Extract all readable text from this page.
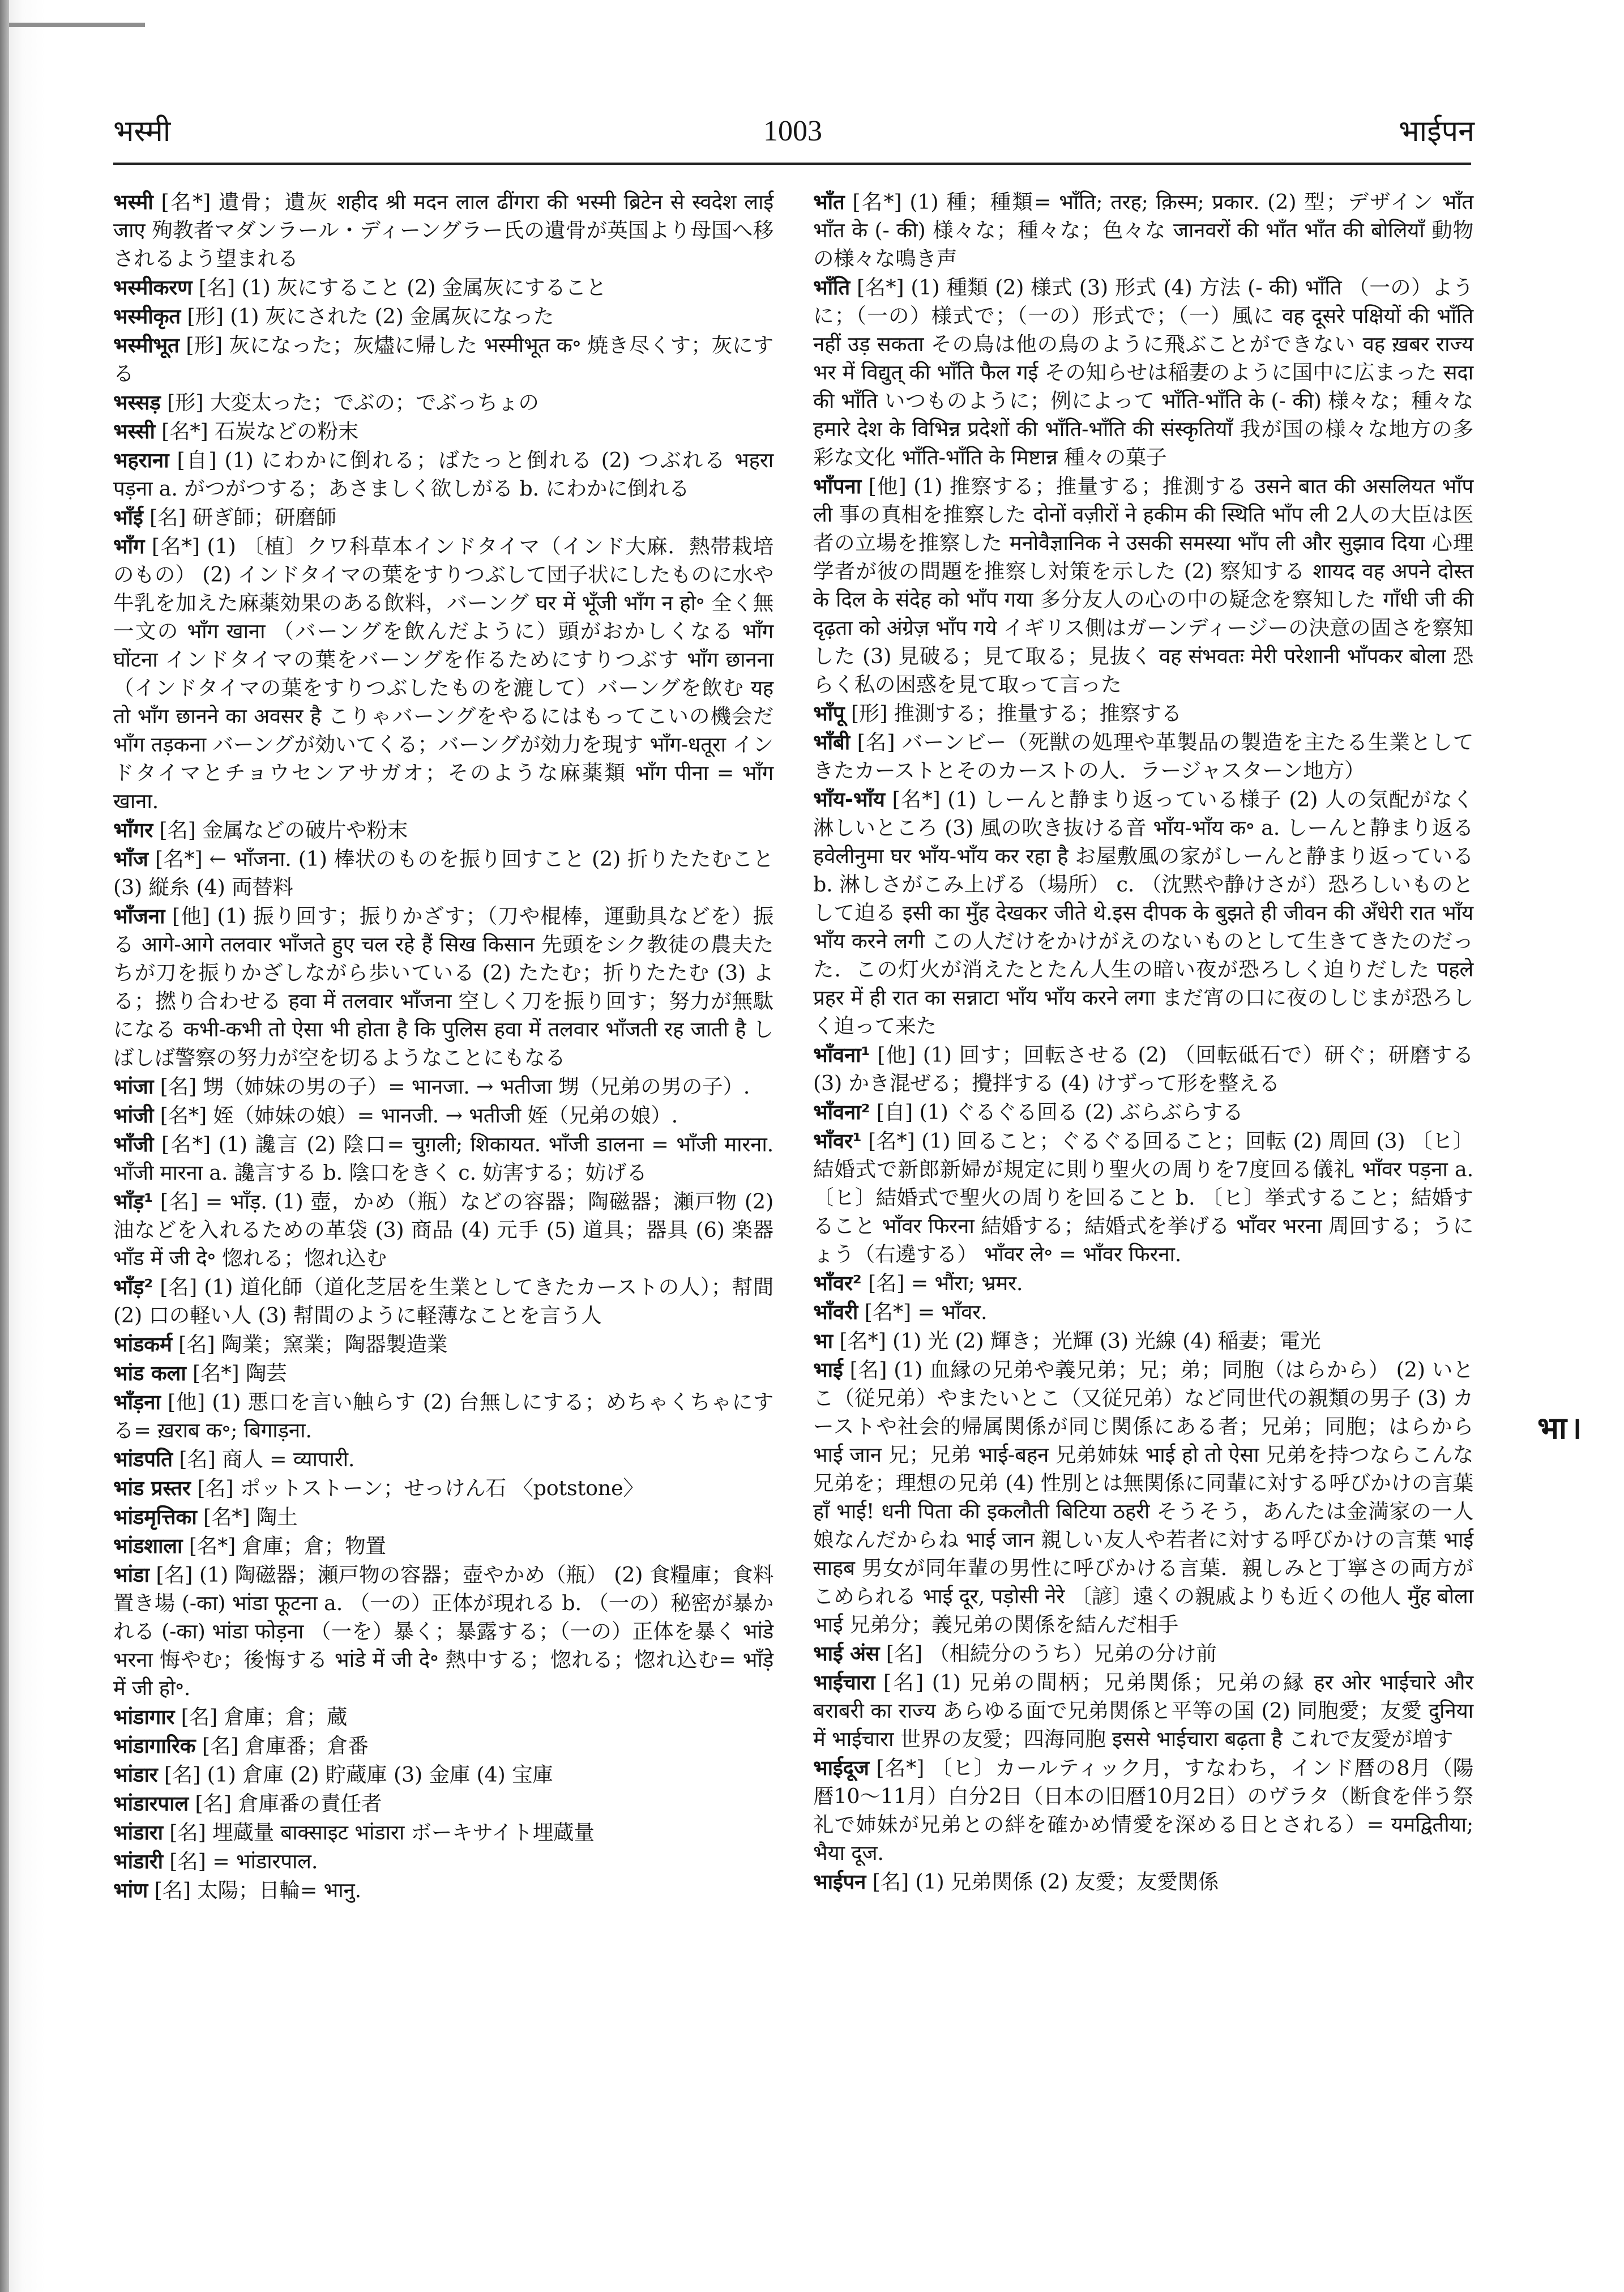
भस्मी	1003	भाईपन
भस्मी [名*] 遺骨；遺灰 शहीद श्री मदन लाल ढींगरा की भस्मी ब्रिटेन से स्वदेश लाई जाए 殉教者マダンラール・ディーングラー氏の遺骨が英国より母国へ移されるよう望まれる
भस्मीकरण [名] (1) 灰にすること (2) 金属灰にすること
भस्मीकृत [形] (1) 灰にされた (2) 金属灰になった
भस्मीभूत [形] 灰になった；灰燼に帰した भस्मीभूत क॰ 焼き尽くす；灰にする
भस्सड़ [形] 大変太った；でぶの；でぶっちょの
भस्सी [名*] 石炭などの粉末
भहराना [自] (1) にわかに倒れる；ばたっと倒れる (2) つぶれる भहरा पड़ना a. がつがつする；あさましく欲しがる b. にわかに倒れる
भाँई [名] 研ぎ師；研磨師
भाँग [名*] (1) 〔植〕クワ科草本インドタイマ（インド大麻．熱帯栽培のもの） (2) インドタイマの葉をすりつぶして団子状にしたものに水や牛乳を加えた麻薬効果のある飲料，バーング घर में भूँजी भाँग न हो॰ 全く無一文の भाँग खाना （バーングを飲んだように）頭がおかしくなる भाँग घोंटना インドタイマの葉をバーングを作るためにすりつぶす भाँग छानना （インドタイマの葉をすりつぶしたものを漉して）バーングを飲む यह तो भाँग छानने का अवसर है こりゃバーングをやるにはもってこいの機会だ भाँग तड़कना バーングが効いてくる；バーングが効力を現す भाँग-धतूरा インドタイマとチョウセンアサガオ；そのような麻薬類 भाँग पीना = भाँग खाना.
भाँगर [名] 金属などの破片や粉末
भाँज [名*] ← भाँजना. (1) 棒状のものを振り回すこと (2) 折りたたむこと (3) 縦糸 (4) 両替料
भाँजना [他] (1) 振り回す；振りかざす；（刀や棍棒，運動具などを）振る आगे-आगे तलवार भाँजते हुए चल रहे हैं सिख किसान 先頭をシク教徒の農夫たちが刀を振りかざしながら歩いている (2) たたむ；折りたたむ (3) よる；撚り合わせる हवा में तलवार भाँजना 空しく刀を振り回す；努力が無駄になる कभी-कभी तो ऐसा भी होता है कि पुलिस हवा में तलवार भाँजती रह जाती है しばしば警察の努力が空を切るようなことにもなる
भांजा [名] 甥（姉妹の男の子）= भानजा. → भतीजा 甥（兄弟の男の子）.
भांजी [名*] 姪（姉妹の娘）= भानजी. → भतीजी 姪（兄弟の娘）.
भाँजी [名*] (1) 讒言 (2) 陰口= चुग़ली; शिकायत. भाँजी डालना = भाँजी मारना. भाँजी मारना a. 讒言する b. 陰口をきく c. 妨害する；妨げる
भाँड़¹ [名] = भाँड़. (1) 壺，かめ（瓶）などの容器；陶磁器；瀬戸物 (2) 油などを入れるための革袋 (3) 商品 (4) 元手 (5) 道具；器具 (6) 楽器 भाँड में जी दे॰ 惚れる；惚れ込む
भाँड़² [名] (1) 道化師（道化芝居を生業としてきたカーストの人）；幇間 (2) 口の軽い人 (3) 幇間のように軽薄なことを言う人
भांडकर्म [名] 陶業；窯業；陶器製造業
भांड कला [名*] 陶芸
भाँड़ना [他] (1) 悪口を言い触らす (2) 台無しにする；めちゃくちゃにする= ख़राब क॰; बिगाड़ना.
भांडपति [名] 商人 = व्यापारी.
भांड प्रस्तर [名] ポットストーン；せっけん石 〈potstone〉
भांडमृत्तिका [名*] 陶土
भांडशाला [名*] 倉庫；倉；物置
भांडा [名] (1) 陶磁器；瀬戸物の容器；壺やかめ（瓶） (2) 食糧庫；食料置き場 (-का) भांडा फूटना a. （一の）正体が現れる b. （一の）秘密が暴かれる (-का) भांडा फोड़ना （一を）暴く；暴露する；（一の）正体を暴く भांडे भरना 悔やむ；後悔する भांडे में जी दे॰ 熱中する；惚れる；惚れ込む= भाँड़े में जी हो॰.
भांडागार [名] 倉庫；倉；蔵
भांडागारिक [名] 倉庫番；倉番
भांडार [名] (1) 倉庫 (2) 貯蔵庫 (3) 金庫 (4) 宝庫
भांडारपाल [名] 倉庫番の責任者
भांडारा [名] 埋蔵量 बाक्साइट भांडारा ボーキサイト埋蔵量
भांडारी [名] = भांडारपाल.
भांण [名] 太陽；日輪= भानु.
भाँत [名*] (1) 種；種類= भाँति; तरह; क़िस्म; प्रकार. (2) 型；デザイン भाँत भाँत के (- की) 様々な；種々な；色々な जानवरों की भाँत भाँत की बोलियाँ 動物の様々な鳴き声
भाँति [名*] (1) 種類 (2) 様式 (3) 形式 (4) 方法 (- की) भाँति （一の）ように；（一の）様式で；（一の）形式で；（一）風に वह दूसरे पक्षियों की भाँति नहीं उड़ सकता その鳥は他の鳥のように飛ぶことができない वह ख़बर राज्य भर में विद्युत् की भाँति फैल गई その知らせは稲妻のように国中に広まった सदा की भाँति いつものように；例によって भाँति-भाँति के (- की) 様々な；種々な हमारे देश के विभिन्न प्रदेशों की भाँति-भाँति की संस्कृतियाँ 我が国の様々な地方の多彩な文化 भाँति-भाँति के मिष्टान्न 種々の菓子
भाँपना [他] (1) 推察する；推量する；推測する उसने बात की असलियत भाँप ली 事の真相を推察した दोनों वज़ीरों ने हकीम की स्थिति भाँप ली 2人の大臣は医者の立場を推察した मनोवैज्ञानिक ने उसकी समस्या भाँप ली और सुझाव दिया 心理学者が彼の問題を推察し対策を示した (2) 察知する शायद वह अपने दोस्त के दिल के संदेह को भाँप गया 多分友人の心の中の疑念を察知した गाँधी जी की दृढ़ता को अंग्रेज़ भाँप गये イギリス側はガーンディージーの決意の固さを察知した (3) 見破る；見て取る；見抜く वह संभवतः मेरी परेशानी भाँपकर बोला 恐らく私の困惑を見て取って言った
भाँपू [形] 推測する；推量する；推察する
भाँबी [名] バーンビー（死獣の処理や革製品の製造を主たる生業としてきたカーストとそのカーストの人．ラージャスターン地方）
भाँय-भाँय [名*] (1) しーんと静まり返っている様子 (2) 人の気配がなく淋しいところ (3) 風の吹き抜ける音 भाँय-भाँय क॰ a. しーんと静まり返る हवेलीनुमा घर भाँय-भाँय कर रहा है お屋敷風の家がしーんと静まり返っている b. 淋しさがこみ上げる（場所） c. （沈黙や静けさが）恐ろしいものとして迫る इसी का मुँह देखकर जीते थे.इस दीपक के बुझते ही जीवन की अँधेरी रात भाँय भाँय करने लगी この人だけをかけがえのないものとして生きてきたのだった．この灯火が消えたとたん人生の暗い夜が恐ろしく迫りだした पहले प्रहर में ही रात का सन्नाटा भाँय भाँय करने लगा まだ宵の口に夜のしじまが恐ろしく迫って来た
भाँवना¹ [他] (1) 回す；回転させる (2) （回転砥石で）研ぐ；研磨する (3) かき混ぜる；攪拌する (4) けずって形を整える
भाँवना² [自] (1) ぐるぐる回る (2) ぶらぶらする
भाँवर¹ [名*] (1) 回ること；ぐるぐる回ること；回転 (2) 周回 (3) 〔ヒ〕結婚式で新郎新婦が規定に則り聖火の周りを7度回る儀礼 भाँवर पड़ना a. 〔ヒ〕結婚式で聖火の周りを回ること b. 〔ヒ〕挙式すること；結婚すること भाँवर फिरना 結婚する；結婚式を挙げる भाँवर भरना 周回する；うにょう（右遶する） भाँवर ले॰ = भाँवर फिरना.
भाँवर² [名] = भौंरा; भ्रमर.
भाँवरी [名*] = भाँवर.
भा [名*] (1) 光 (2) 輝き；光輝 (3) 光線 (4) 稲妻；電光
भाई [名] (1) 血縁の兄弟や義兄弟；兄；弟；同胞（はらから） (2) いとこ（従兄弟）やまたいとこ（又従兄弟）など同世代の親類の男子 (3) カーストや社会的帰属関係が同じ関係にある者；兄弟；同胞；はらから भाई जान 兄；兄弟 भाई-बहन 兄弟姉妹 भाई हो तो ऐसा 兄弟を持つならこんな兄弟を；理想の兄弟 (4) 性別とは無関係に同輩に対する呼びかけの言葉 हाँ भाई! धनी पिता की इकलौती बिटिया ठहरी そうそう，あんたは金満家の一人娘なんだからね भाई जान 親しい友人や若者に対する呼びかけの言葉 भाई साहब 男女が同年輩の男性に呼びかける言葉．親しみと丁寧さの両方がこめられる भाई दूर, पड़ोसी नेरे 〔諺〕遠くの親戚よりも近くの他人 मुँह बोला भाई 兄弟分；義兄弟の関係を結んだ相手
भाई अंस [名] （相続分のうち）兄弟の分け前
भाईचारा [名] (1) 兄弟の間柄；兄弟関係；兄弟の縁 हर ओर भाईचारे और बराबरी का राज्य あらゆる面で兄弟関係と平等の国 (2) 同胞愛；友愛 दुनिया में भाईचारा 世界の友愛；四海同胞 इससे भाईचारा बढ़ता है これで友愛が増す
भाईदूज [名*] 〔ヒ〕カールティック月，すなわち，インド暦の8月（陽暦10〜11月）白分2日（日本の旧暦10月2日）のヴラタ（断食を伴う祭礼で姉妹が兄弟との絆を確かめ情愛を深める日とされる）= यमद्वितीया; भैया दूज.
भाईपन [名] (1) 兄弟関係 (2) 友愛；友愛関係
भा।
